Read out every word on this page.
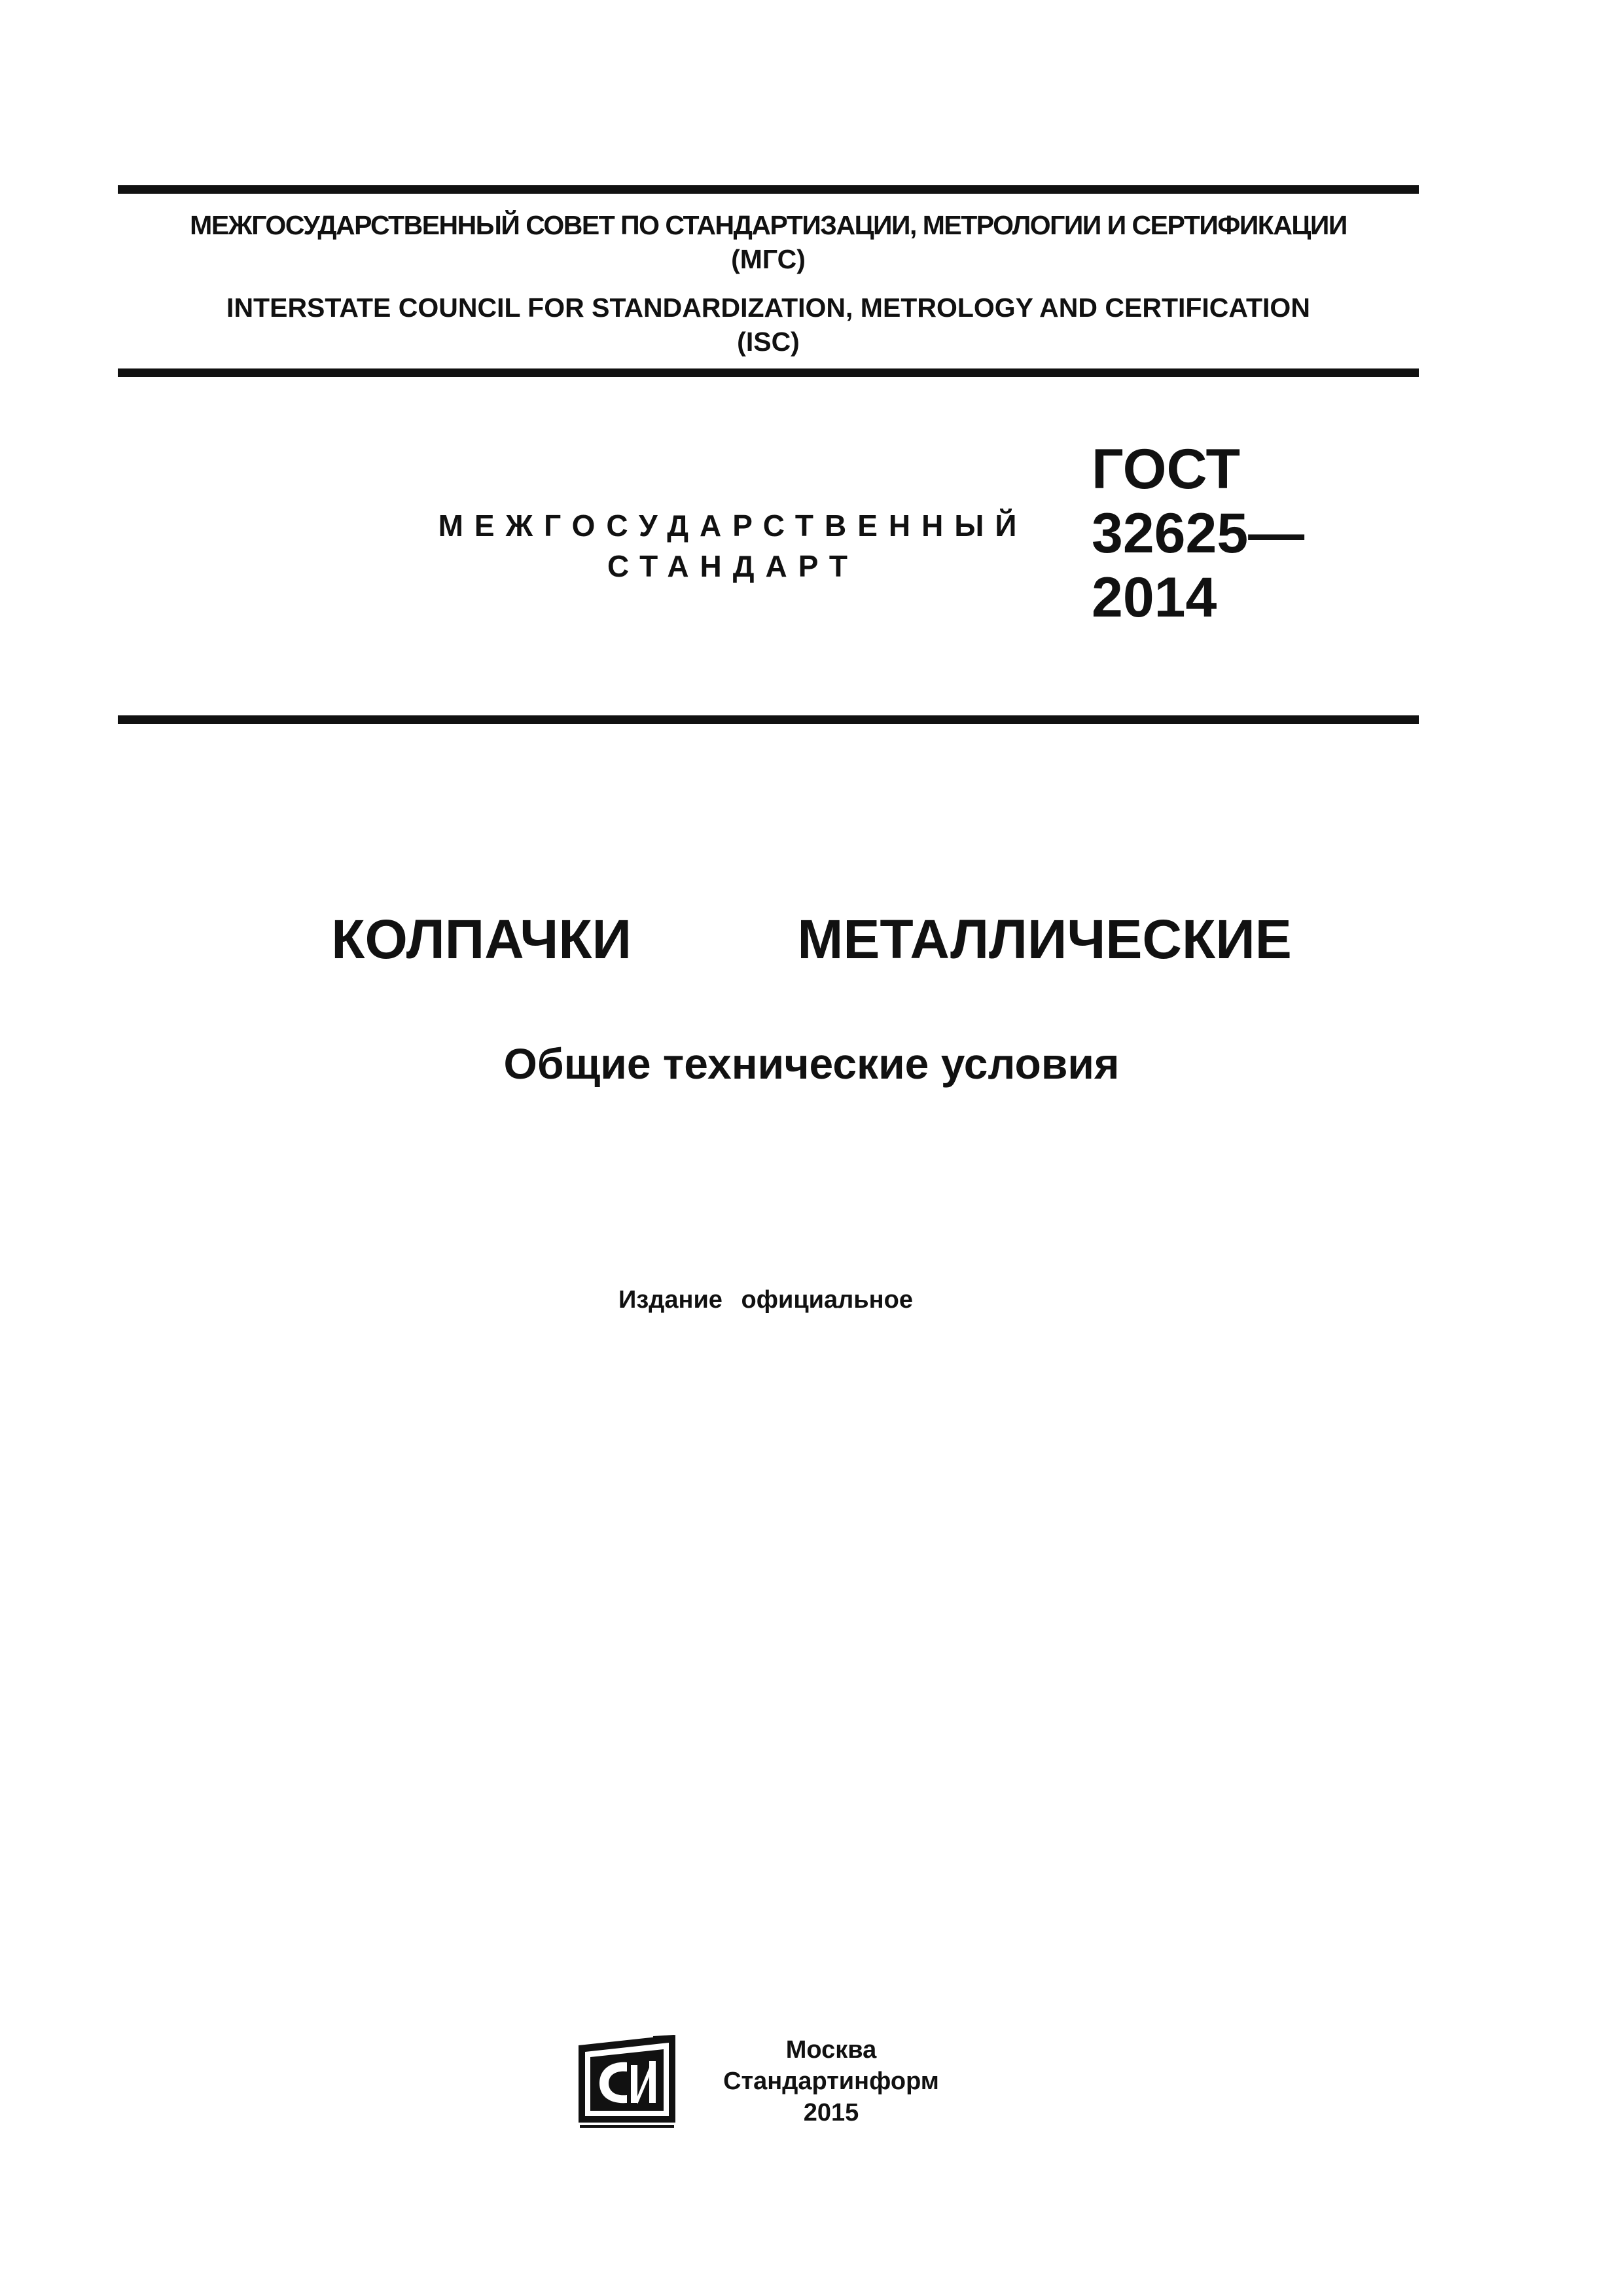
МЕЖГОСУДАРСТВЕННЫЙ СОВЕТ ПО СТАНДАРТИЗАЦИИ, МЕТРОЛОГИИ И СЕРТИФИКАЦИИ
(МГС)
INTERSTATE COUNCIL FOR STANDARDIZATION, METROLOGY AND CERTIFICATION
(ISC)
МЕЖГОСУДАРСТВЕННЫЙ
СТАНДАРТ
ГОСТ
32625—
2014
КОЛПАЧКИ    МЕТАЛЛИЧЕСКИЕ
Общие технические условия
Издание официальное
Москва
Стандартинформ
2015
